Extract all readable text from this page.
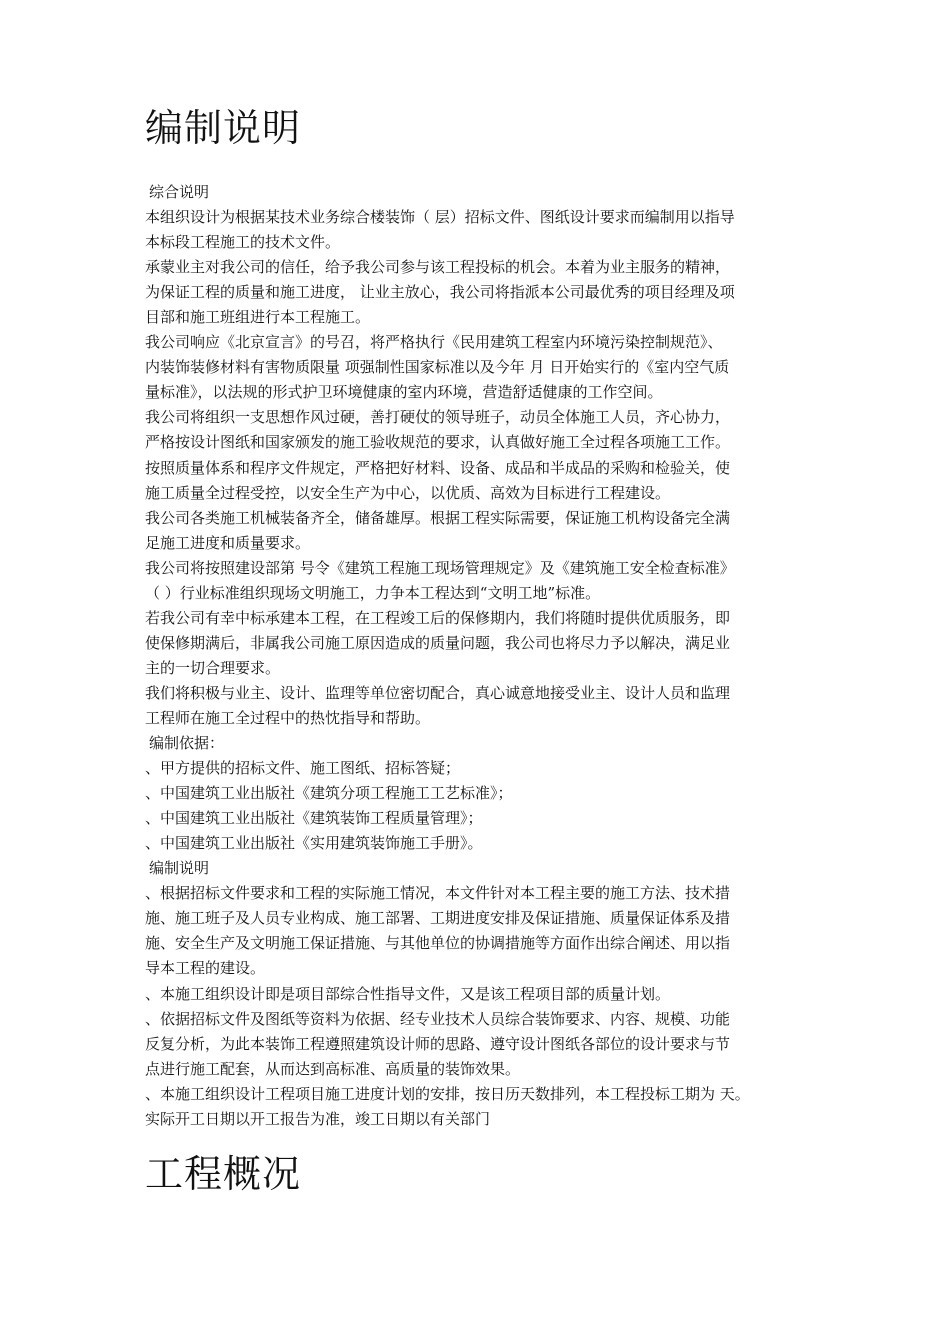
编制说明
综合说明
本组织设计为根据某技术业务综合楼装饰（ 层）招标文件、图纸设计要求而编制用以指导
本标段工程施工的技术文件。
承蒙业主对我公司的信任，给予我公司参与该工程投标的机会。本着为业主服务的精神，
为保证工程的质量和施工进度， 让业主放心，我公司将指派本公司最优秀的项目经理及项
目部和施工班组进行本工程施工。
我公司响应《北京宣言》的号召，将严格执行《民用建筑工程室内环境污染控制规范》、
内装饰装修材料有害物质限量 项强制性国家标准以及今年 月 日开始实行的《室内空气质
量标准》，以法规的形式护卫环境健康的室内环境，营造舒适健康的工作空间。
我公司将组织一支思想作风过硬，善打硬仗的领导班子，动员全体施工人员，齐心协力，
严格按设计图纸和国家颁发的施工验收规范的要求，认真做好施工全过程各项施工工作。
按照质量体系和程序文件规定，严格把好材料、设备、成品和半成品的采购和检验关，使
施工质量全过程受控，以安全生产为中心，以优质、高效为目标进行工程建设。
我公司各类施工机械装备齐全，储备雄厚。根据工程实际需要，保证施工机构设备完全满
足施工进度和质量要求。
我公司将按照建设部第 号令《建筑工程施工现场管理规定》及《建筑施工安全检查标准》
（ ）行业标准组织现场文明施工，力争本工程达到“文明工地”标准。
若我公司有幸中标承建本工程，在工程竣工后的保修期内，我们将随时提供优质服务，即
使保修期满后，非属我公司施工原因造成的质量问题，我公司也将尽力予以解决，满足业
主的一切合理要求。
我们将积极与业主、设计、监理等单位密切配合，真心诚意地接受业主、设计人员和监理
工程师在施工全过程中的热忱指导和帮助。
编制依据：
、甲方提供的招标文件、施工图纸、招标答疑；
、中国建筑工业出版社《建筑分项工程施工工艺标准》；
、中国建筑工业出版社《建筑装饰工程质量管理》；
、中国建筑工业出版社《实用建筑装饰施工手册》。
编制说明
、根据招标文件要求和工程的实际施工情况，本文件针对本工程主要的施工方法、技术措
施、施工班子及人员专业构成、施工部署、工期进度安排及保证措施、质量保证体系及措
施、安全生产及文明施工保证措施、与其他单位的协调措施等方面作出综合阐述、用以指
导本工程的建设。
、本施工组织设计即是项目部综合性指导文件，又是该工程项目部的质量计划。
、依据招标文件及图纸等资料为依据、经专业技术人员综合装饰要求、内容、规模、功能
反复分析，为此本装饰工程遵照建筑设计师的思路、遵守设计图纸各部位的设计要求与节
点进行施工配套，从而达到高标准、高质量的装饰效果。
、本施工组织设计工程项目施工进度计划的安排，按日历天数排列，本工程投标工期为 天。
实际开工日期以开工报告为准，竣工日期以有关部门
工程概况
